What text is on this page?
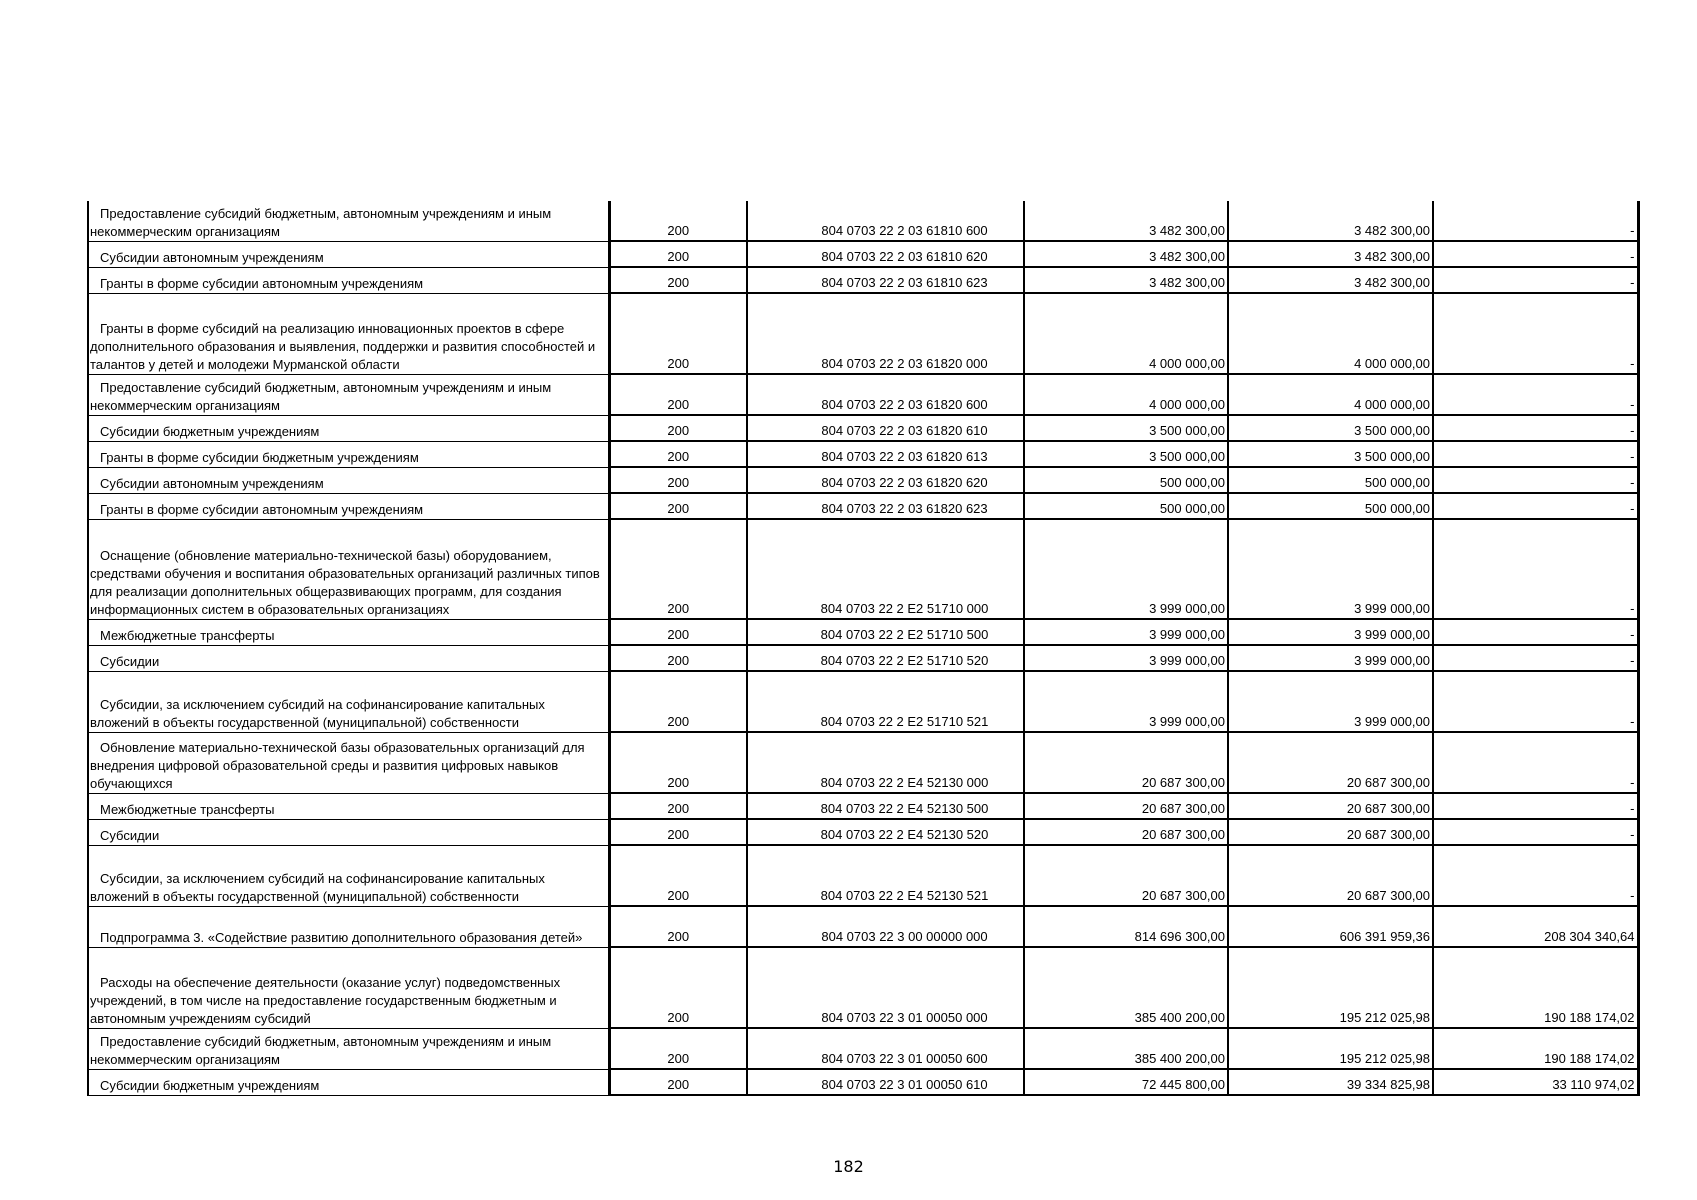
Предоставление субсидий бюджетным, автономным учреждениям и иным некоммерческим организациям	200	804 0703 22 2 03 61810 600	3 482 300,00	3 482 300,00	-

Субсидии автономным учреждениям	200	804 0703 22 2 03 61810 620	3 482 300,00	3 482 300,00	-

Гранты в форме субсидии автономным учреждениям	200	804 0703 22 2 03 61810 623	3 482 300,00	3 482 300,00	-

Гранты в форме субсидий на реализацию инновационных проектов в сфере дополнительного образования и выявления, поддержки и развития способностей и талантов у детей и молодежи Мурманской области	200	804 0703 22 2 03 61820 000	4 000 000,00	4 000 000,00	-

Предоставление субсидий бюджетным, автономным учреждениям и иным некоммерческим организациям	200	804 0703 22 2 03 61820 600	4 000 000,00	4 000 000,00	-

Субсидии бюджетным учреждениям	200	804 0703 22 2 03 61820 610	3 500 000,00	3 500 000,00	-

Гранты в форме субсидии бюджетным учреждениям	200	804 0703 22 2 03 61820 613	3 500 000,00	3 500 000,00	-

Субсидии автономным учреждениям	200	804 0703 22 2 03 61820 620	500 000,00	500 000,00	-

Гранты в форме субсидии автономным учреждениям	200	804 0703 22 2 03 61820 623	500 000,00	500 000,00	-

Оснащение (обновление материально-технической базы) оборудованием, средствами обучения и воспитания образовательных организаций различных типов для реализации дополнительных общеразвивающих программ, для создания информационных систем в образовательных организациях	200	804 0703 22 2 E2 51710 000	3 999 000,00	3 999 000,00	-

Межбюджетные трансферты	200	804 0703 22 2 E2 51710 500	3 999 000,00	3 999 000,00	-

Субсидии	200	804 0703 22 2 E2 51710 520	3 999 000,00	3 999 000,00	-

Субсидии, за исключением субсидий на софинансирование капитальных вложений в объекты государственной (муниципальной) собственности	200	804 0703 22 2 E2 51710 521	3 999 000,00	3 999 000,00	-

Обновление материально-технической базы образовательных организаций для внедрения цифровой образовательной среды и развития цифровых навыков обучающихся	200	804 0703 22 2 E4 52130 000	20 687 300,00	20 687 300,00	-

Межбюджетные трансферты	200	804 0703 22 2 E4 52130 500	20 687 300,00	20 687 300,00	-

Субсидии	200	804 0703 22 2 E4 52130 520	20 687 300,00	20 687 300,00	-

Субсидии, за исключением субсидий на софинансирование капитальных вложений в объекты государственной (муниципальной) собственности	200	804 0703 22 2 E4 52130 521	20 687 300,00	20 687 300,00	-

Подпрограмма 3. «Содействие развитию дополнительного образования детей»	200	804 0703 22 3 00 00000 000	814 696 300,00	606 391 959,36	208 304 340,64

Расходы на обеспечение деятельности (оказание услуг) подведомственных учреждений, в том числе на предоставление государственным бюджетным и автономным учреждениям субсидий	200	804 0703 22 3 01 00050 000	385 400 200,00	195 212 025,98	190 188 174,02

Предоставление субсидий бюджетным, автономным учреждениям и иным некоммерческим организациям	200	804 0703 22 3 01 00050 600	385 400 200,00	195 212 025,98	190 188 174,02

Субсидии бюджетным учреждениям	200	804 0703 22 3 01 00050 610	72 445 800,00	39 334 825,98	33 110 974,02
182
